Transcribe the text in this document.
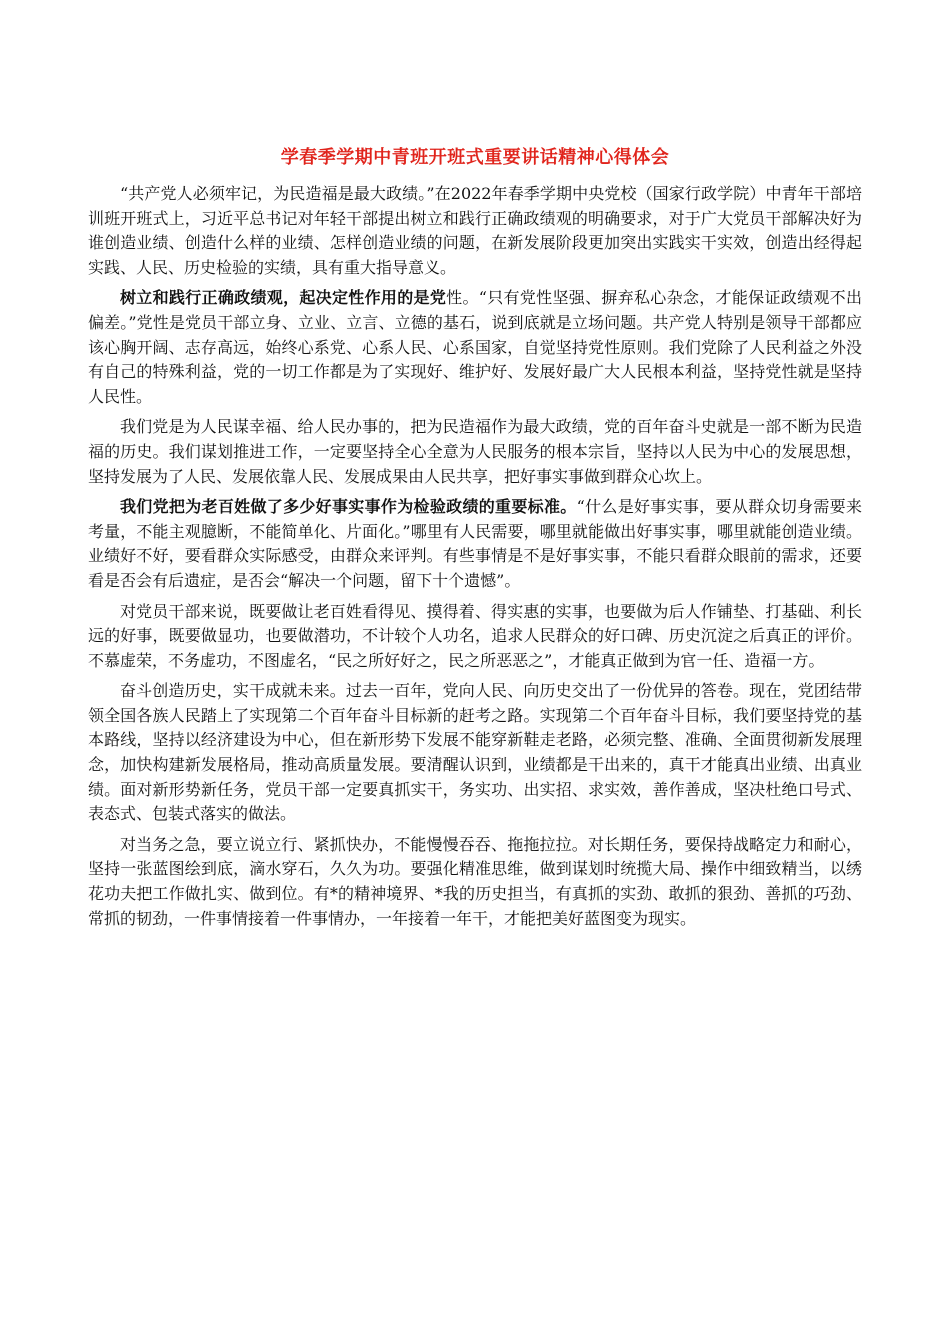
学春季学期中青班开班式重要讲话精神心得体会

“共产党人必须牢记，为民造福是最大政绩。”在2022年春季学期中央党校（国家行政学院）中青年干部培训班开班式上，习近平总书记对年轻干部提出树立和践行正确政绩观的明确要求，对于广大党员干部解决好为谁创造业绩、创造什么样的业绩、怎样创造业绩的问题，在新发展阶段更加突出实践实干实效，创造出经得起实践、人民、历史检验的实绩，具有重大指导意义。

树立和践行正确政绩观，起决定性作用的是党性。“只有党性坚强、摒弃私心杂念，才能保证政绩观不出偏差。”党性是党员干部立身、立业、立言、立德的基石，说到底就是立场问题。共产党人特别是领导干部都应该心胸开阔、志存高远，始终心系党、心系人民、心系国家，自觉坚持党性原则。我们党除了人民利益之外没有自己的特殊利益，党的一切工作都是为了实现好、维护好、发展好最广大人民根本利益，坚持党性就是坚持人民性。

我们党是为人民谋幸福、给人民办事的，把为民造福作为最大政绩，党的百年奋斗史就是一部不断为民造福的历史。我们谋划推进工作，一定要坚持全心全意为人民服务的根本宗旨，坚持以人民为中心的发展思想，坚持发展为了人民、发展依靠人民、发展成果由人民共享，把好事实事做到群众心坎上。

我们党把为老百姓做了多少好事实事作为检验政绩的重要标准。“什么是好事实事，要从群众切身需要来考量，不能主观臆断，不能简单化、片面化。”哪里有人民需要，哪里就能做出好事实事，哪里就能创造业绩。业绩好不好，要看群众实际感受，由群众来评判。有些事情是不是好事实事，不能只看群众眼前的需求，还要看是否会有后遗症，是否会“解决一个问题，留下十个遗憾”。

对党员干部来说，既要做让老百姓看得见、摸得着、得实惠的实事，也要做为后人作铺垫、打基础、利长远的好事，既要做显功，也要做潜功，不计较个人功名，追求人民群众的好口碑、历史沉淀之后真正的评价。不慕虚荣，不务虚功，不图虚名，“民之所好好之，民之所恶恶之”，才能真正做到为官一任、造福一方。

奋斗创造历史，实干成就未来。过去一百年，党向人民、向历史交出了一份优异的答卷。现在，党团结带领全国各族人民踏上了实现第二个百年奋斗目标新的赶考之路。实现第二个百年奋斗目标，我们要坚持党的基本路线，坚持以经济建设为中心，但在新形势下发展不能穿新鞋走老路，必须完整、准确、全面贯彻新发展理念，加快构建新发展格局，推动高质量发展。要清醒认识到，业绩都是干出来的，真干才能真出业绩、出真业绩。面对新形势新任务，党员干部一定要真抓实干，务实功、出实招、求实效，善作善成，坚决杜绝口号式、表态式、包装式落实的做法。

对当务之急，要立说立行、紧抓快办，不能慢慢吞吞、拖拖拉拉。对长期任务，要保持战略定力和耐心，坚持一张蓝图绘到底，滴水穿石，久久为功。要强化精准思维，做到谋划时统揽大局、操作中细致精当，以绣花功夫把工作做扎实、做到位。有*的精神境界、*我的历史担当，有真抓的实劲、敢抓的狠劲、善抓的巧劲、常抓的韧劲，一件事情接着一件事情办，一年接着一年干，才能把美好蓝图变为现实。
